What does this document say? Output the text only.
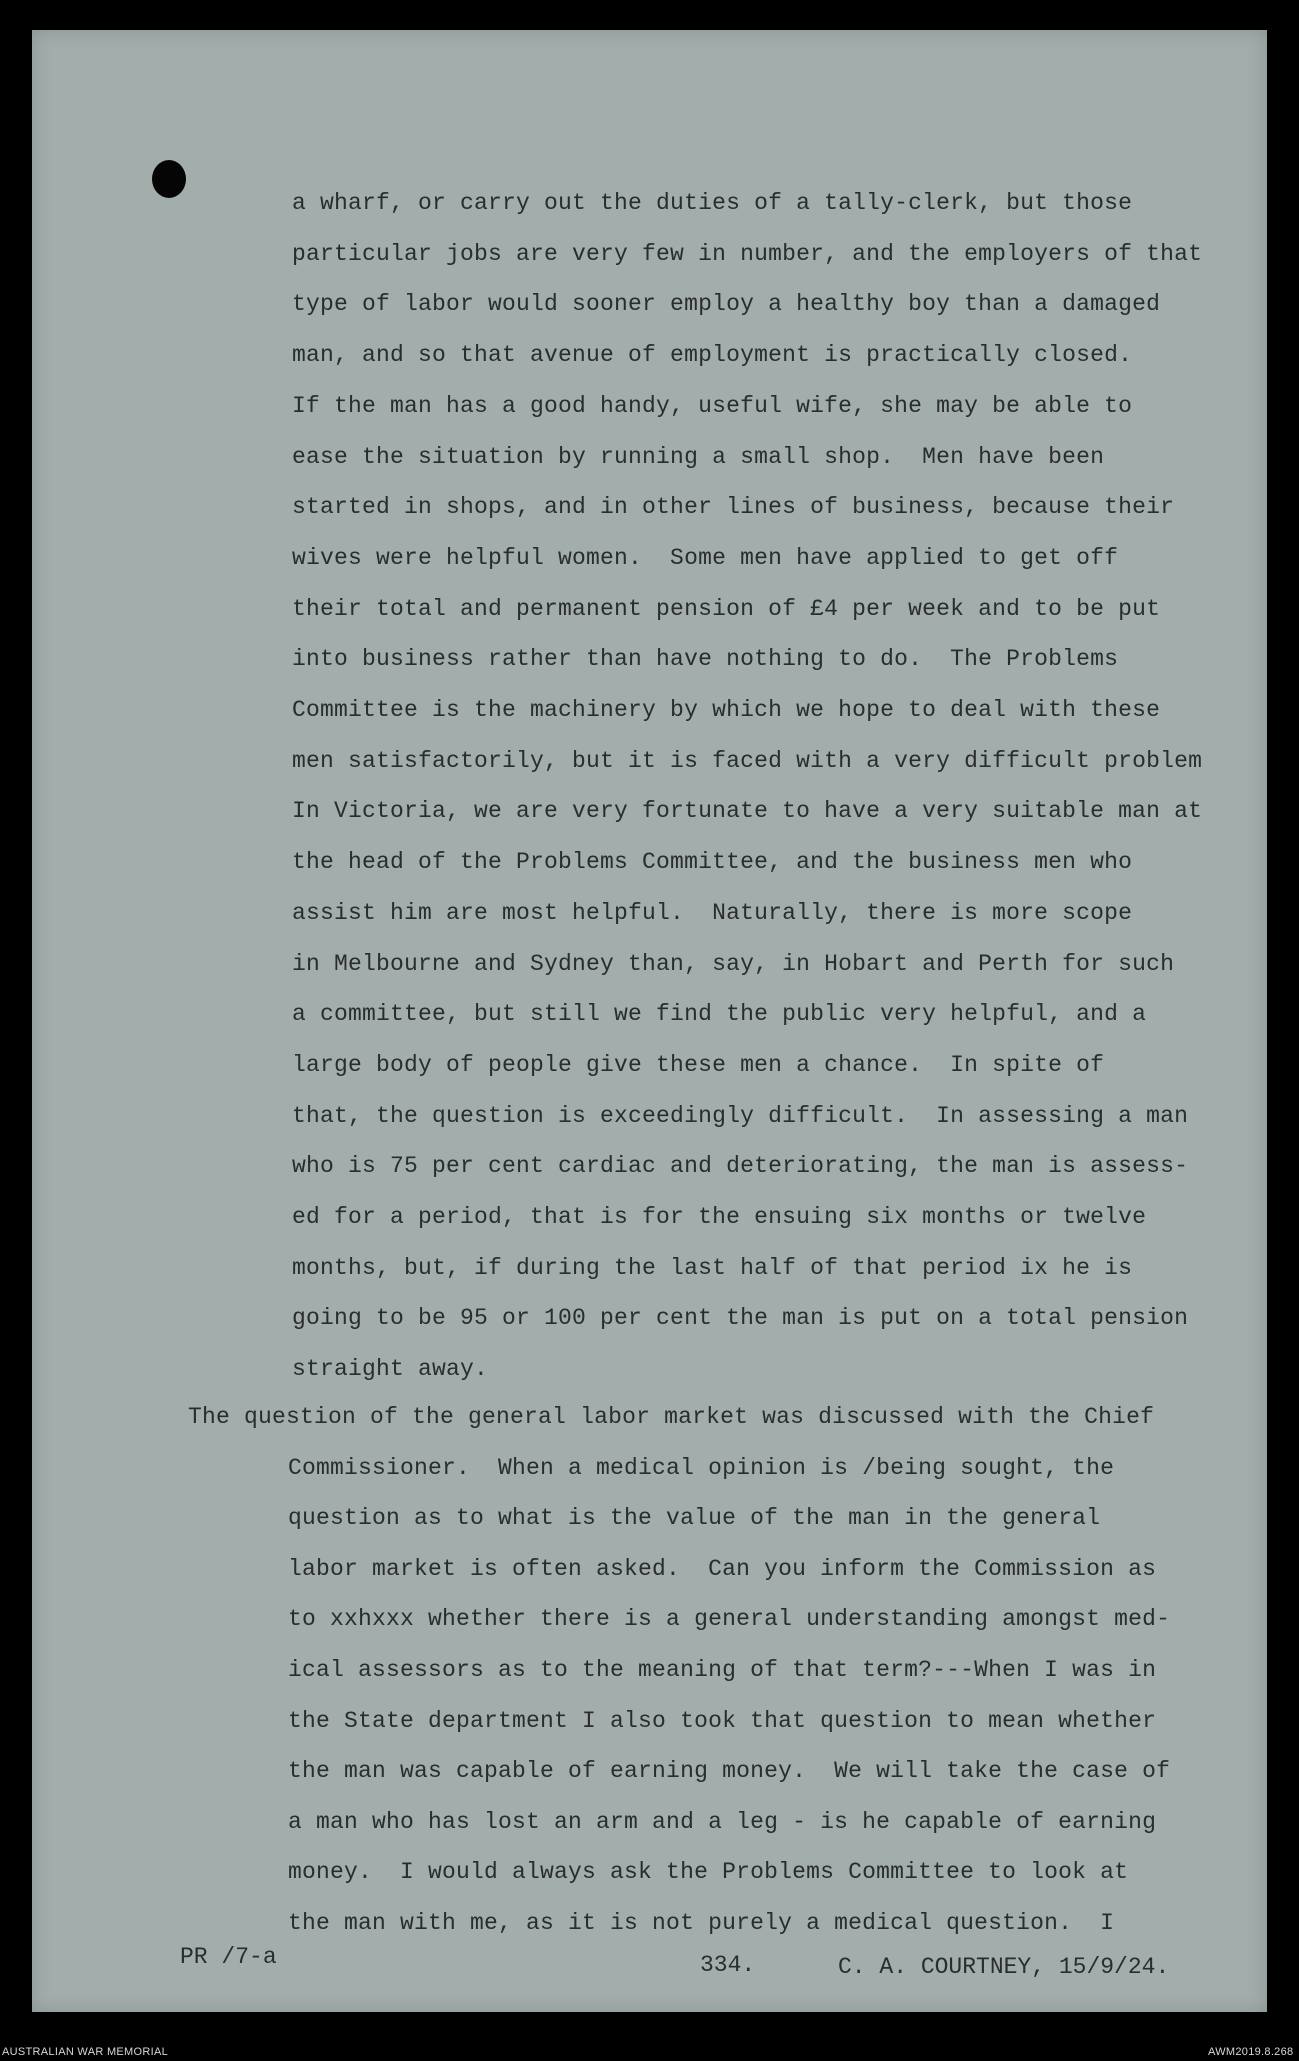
a wharf, or carry out the duties of a tally-clerk, but those
particular jobs are very few in number, and the employers of that
type of labor would sooner employ a healthy boy than a damaged
man, and so that avenue of employment is practically closed.
If the man has a good handy, useful wife, she may be able to
ease the situation by running a small shop.  Men have been
started in shops, and in other lines of business, because their
wives were helpful women.  Some men have applied to get off
their total and permanent pension of £4 per week and to be put
into business rather than have nothing to do.  The Problems
Committee is the machinery by which we hope to deal with these
men satisfactorily, but it is faced with a very difficult problem
In Victoria, we are very fortunate to have a very suitable man at
the head of the Problems Committee, and the business men who
assist him are most helpful.  Naturally, there is more scope
in Melbourne and Sydney than, say, in Hobart and Perth for such
a committee, but still we find the public very helpful, and a
large body of people give these men a chance.  In spite of
that, the question is exceedingly difficult.  In assessing a man
who is 75 per cent cardiac and deteriorating, the man is assess-
ed for a period, that is for the ensuing six months or twelve
months, but, if during the last half of that period ix he is
going to be 95 or 100 per cent the man is put on a total pension
straight away.
The question of the general labor market was discussed with the Chief
Commissioner.  When a medical opinion is /being sought, the
question as to what is the value of the man in the general
labor market is often asked.  Can you inform the Commission as
to xxhxxx whether there is a general understanding amongst med-
ical assessors as to the meaning of that term?---When I was in
the State department I also took that question to mean whether
the man was capable of earning money.  We will take the case of
a man who has lost an arm and a leg - is he capable of earning
money.  I would always ask the Problems Committee to look at
the man with me, as it is not purely a medical question.  I
PR /7-a	334.	C. A. COURTNEY, 15/9/24.
AUSTRALIAN WAR MEMORIAL	AWM2019.8.268
